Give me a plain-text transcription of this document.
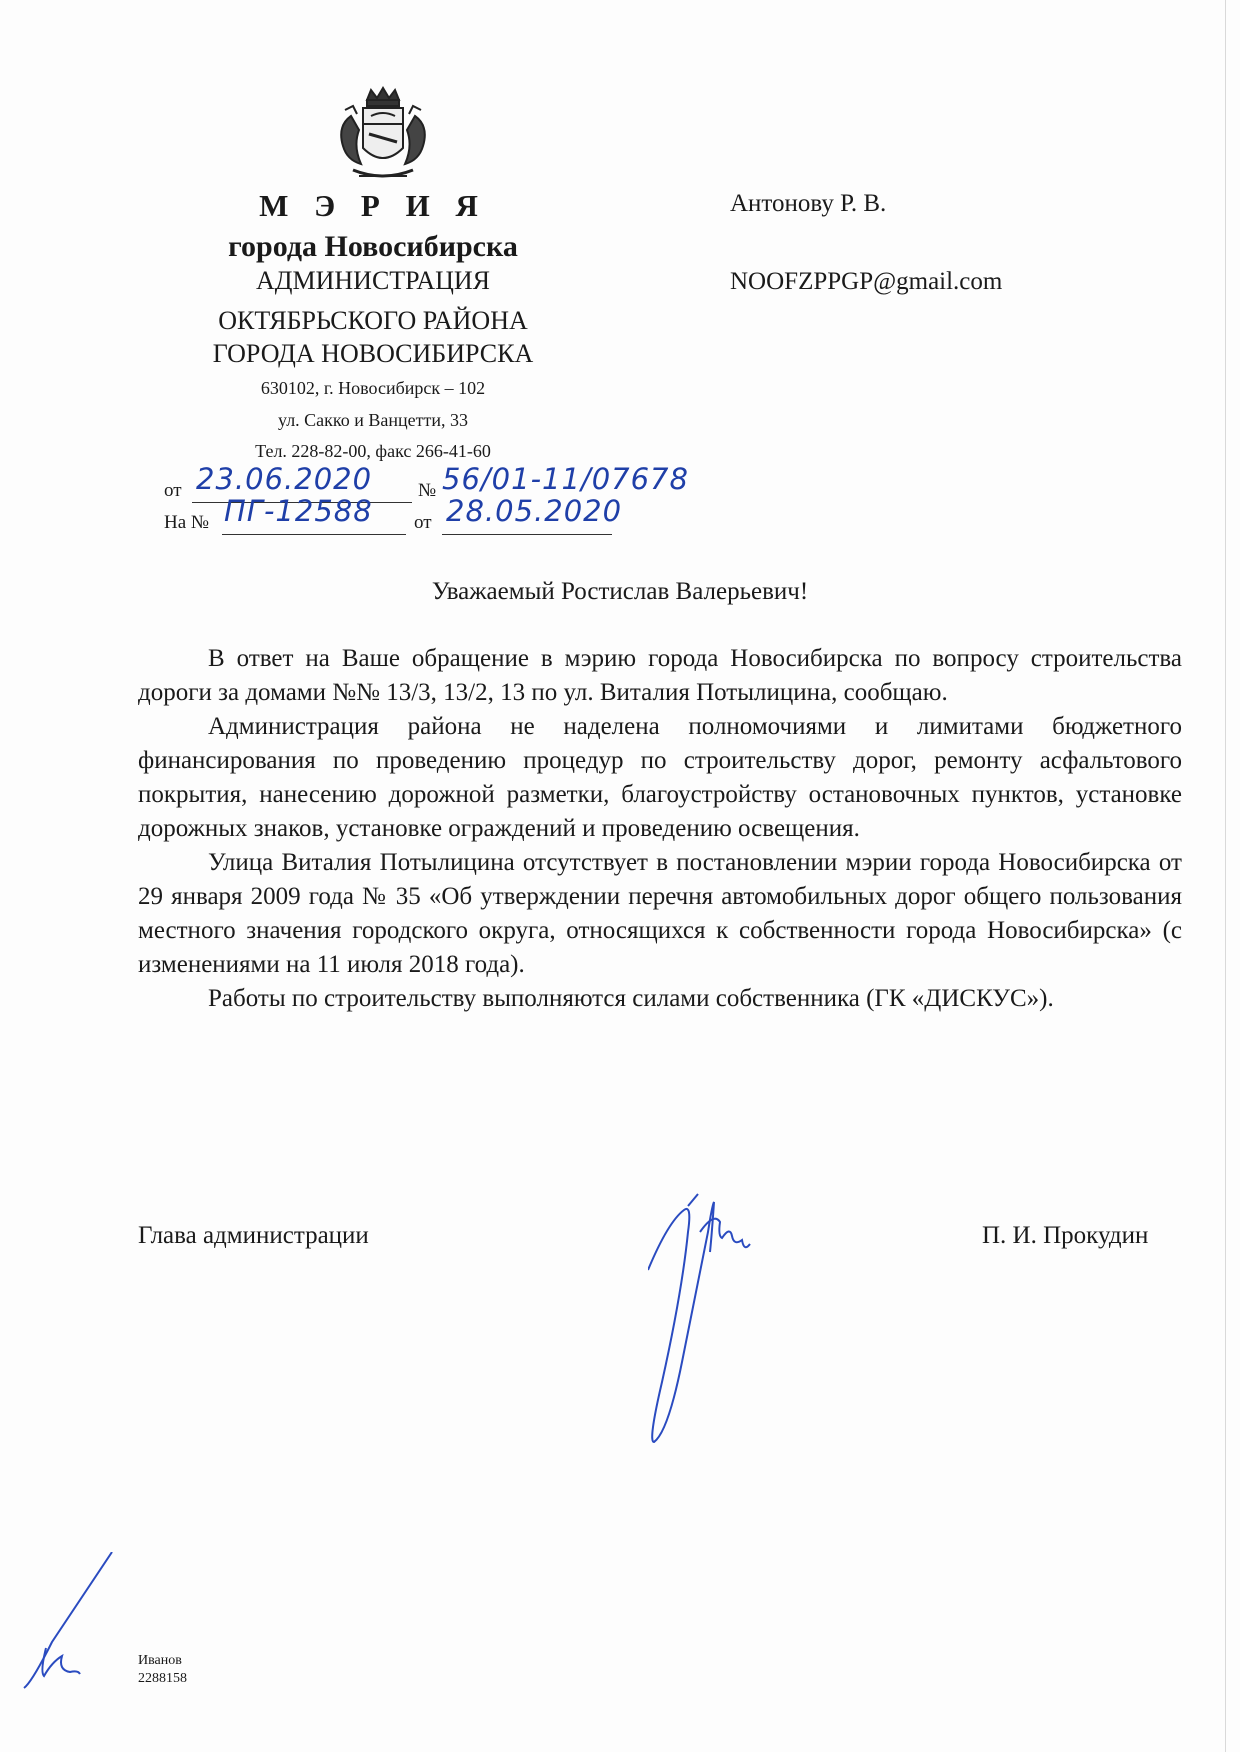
М Э Р И Я
города Новосибирска
АДМИНИСТРАЦИЯ
ОКТЯБРЬСКОГО РАЙОНА
ГОРОДА НОВОСИБИРСКА
630102, г. Новосибирск – 102
ул. Сакко и Ванцетти, 33
Тел. 228-82-00, факс 266-41-60
от 23.06.2020 № 56/01-11/07678
На № ПГ-12588 от 28.05.2020
Антонову Р. В.
NOOFZPPGP@gmail.com
Уважаемый Ростислав Валерьевич!

В ответ на Ваше обращение в мэрию города Новосибирска по вопросу строительства дороги за домами №№ 13/3, 13/2, 13 по ул. Виталия Потылицина, сообщаю.

Администрация района не наделена полномочиями и лимитами бюджетного финансирования по проведению процедур по строительству дорог, ремонту асфальтового покрытия, нанесению дорожной разметки, благоустройству остановочных пунктов, установке дорожных знаков, установке ограждений и проведению освещения.

Улица Виталия Потылицина отсутствует в постановлении мэрии города Новосибирска от 29 января 2009 года № 35 «Об утверждении перечня автомобильных дорог общего пользования местного значения городского округа, относящихся к собственности города Новосибирска» (с изменениями на 11 июля 2018 года).

Работы по строительству выполняются силами собственника (ГК «ДИСКУС»).

Глава администрации	П. И. Прокудин
Иванов
2288158
